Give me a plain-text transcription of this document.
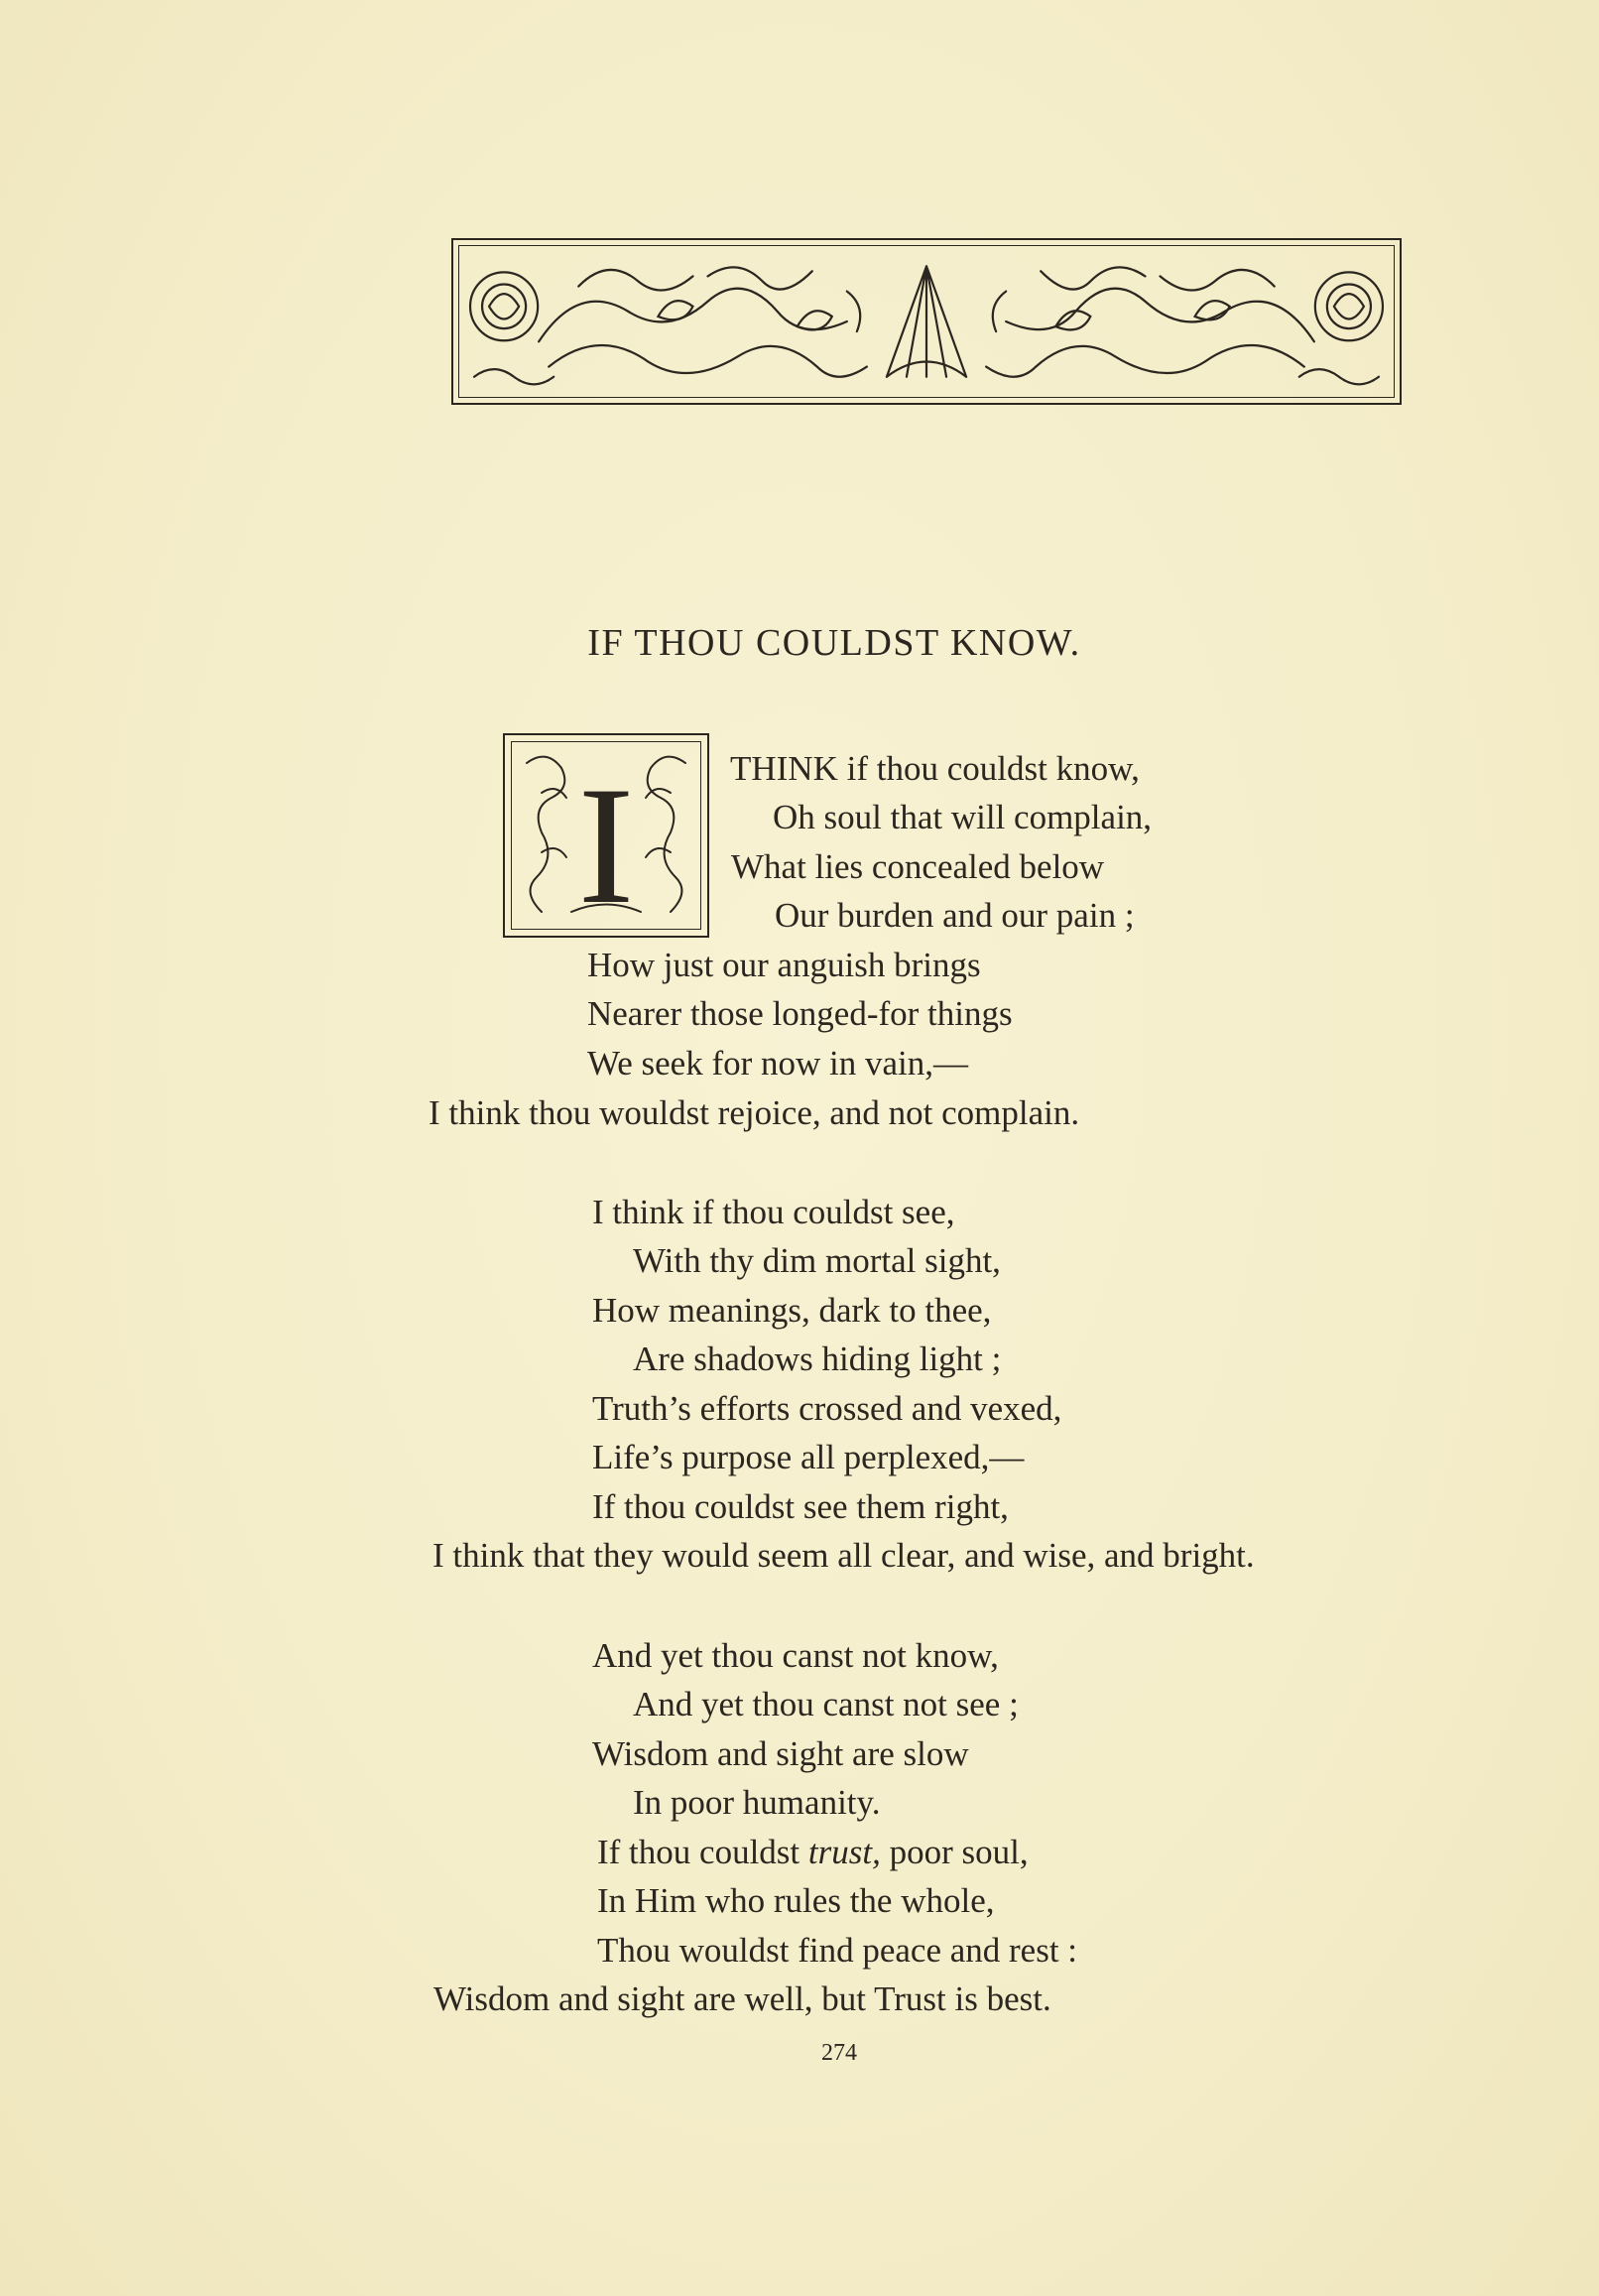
IF THOU COULDST KNOW.
I	THINK if thou couldst know,
Oh soul that will complain,
What lies concealed below
Our burden and our pain ;
How just our anguish brings
Nearer those longed-for things
We seek for now in vain,—
I think thou wouldst rejoice, and not complain.
I think if thou couldst see,
With thy dim mortal sight,
How meanings, dark to thee,
Are shadows hiding light ;
Truth’s efforts crossed and vexed,
Life’s purpose all perplexed,—
If thou couldst see them right,
I think that they would seem all clear, and wise, and bright.
And yet thou canst not know,
And yet thou canst not see ;
Wisdom and sight are slow
In poor humanity.
If thou couldst trust, poor soul,
In Him who rules the whole,
Thou wouldst find peace and rest :
Wisdom and sight are well, but Trust is best.
274
